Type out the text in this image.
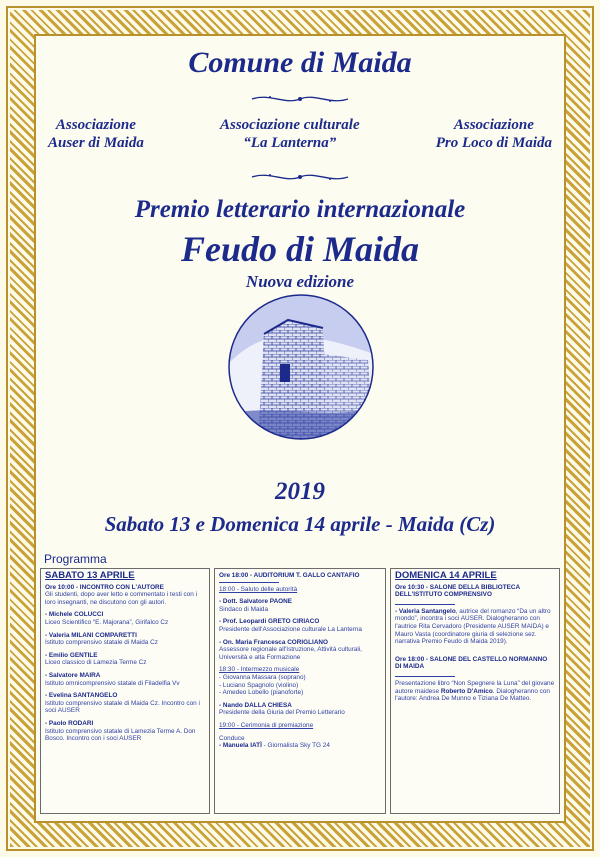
Comune di Maida
Associazione
Auser di Maida
Associazione culturale
“La Lanterna”
Associazione
Pro Loco di Maida
Premio letterario internazionale
Feudo di Maida
Nuova edizione
2019
Sabato 13 e Domenica 14 aprile - Maida (Cz)
Programma
SABATO 13 APRILE
Ore 10:00 - INCONTRO CON L'AUTORE

Gli studenti, dopo aver letto e commentato i testi con i loro insegnanti, ne discutono con gli autori.

- Michele COLUCCI
Liceo Scientifico “E. Majorana”, Girifalco Cz

- Valeria MILANI COMPARETTI
Istituto comprensivo statale di Maida Cz

- Emilio GENTILE
Liceo classico di Lamezia Terme Cz

- Salvatore MAIRA
Istituto omnicomprensivo statale di Filadelfia Vv

- Evelina SANTANGELO
Istituto comprensivo statale di Maida Cz. Incontro con i soci AUSER

- Paolo RODARI
Istituto comprensivo statale di Lamezia Terme A. Don Bosco. Incontro con i soci AUSER

Ore 18:00 - AUDITORIUM T. GALLO CANTAFIO

18:00 - Saluto delle autorità

- Dott. Salvatore PAONE
Sindaco di Maida

- Prof. Leopardi GRETO CIRIACO
Presidente dell'Associazione culturale La Lanterna

- On. Maria Francesca CORIGLIANO
Assessore regionale all'Istruzione, Attività culturali, Università e alta Formazione

18:30 - Intermezzo musicale
- Giovanna Massara (soprano)
- Luciano Spagnolo (violino)

- Amedeo Lobello (pianoforte)

- Nando DALLA CHIESA
Presidente della Giuria del Premio Letterario

19:00 - Cerimonia di premiazione

Conduce
- Manuela IATÌ - Giornalista Sky TG 24
DOMENICA 14 APRILE

Ore 10:30 - SALONE DELLA BIBLIOTECA DELL'ISTITUTO COMPRENSIVO

- Valeria Santangelo, autrice del romanzo “Da un altro mondo”, incontra i soci AUSER. Dialogheranno con l'autrice Rita Cervadoro (Presidente AUSER MAIDA) e Mauro Vasta (coordinatore giuria di selezione sez. narrativa Premio Feudo di Maida 2019).

Ore 18:00 - SALONE DEL CASTELLO NORMANNO DI MAIDA

Presentazione libro “Non Spegnere la Luna” del giovane autore maidese Roberto D'Amico. Dialogheranno con l'autore: Andrea De Munno e Tiziana De Matteo.
